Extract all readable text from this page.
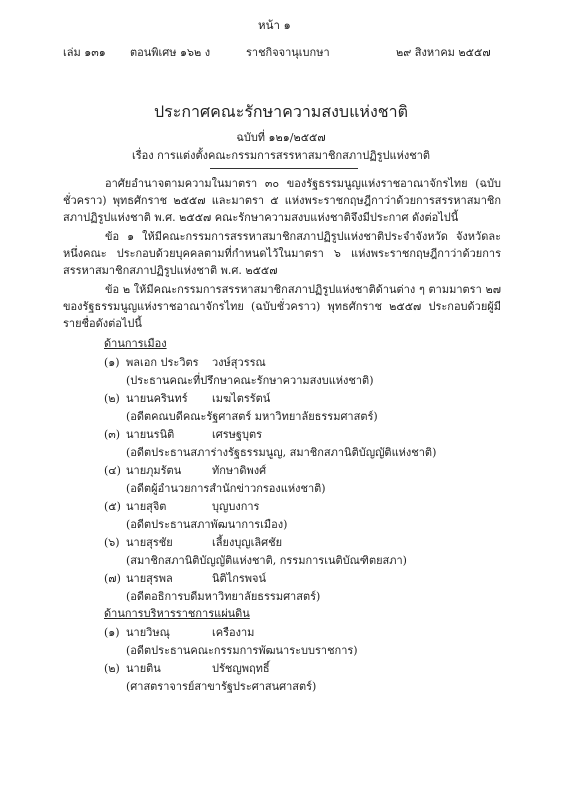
หน้า ๑
เล่ม ๑๓๑ ตอนพิเศษ ๑๖๒ ง	ราชกิจจานุเบกษา	๒๙ สิงหาคม ๒๕๕๗
ประกาศคณะรักษาความสงบแห่งชาติ
ฉบับที่ ๑๒๑/๒๕๕๗
เรื่อง การแต่งตั้งคณะกรรมการสรรหาสมาชิกสภาปฏิรูปแห่งชาติ

อาศัยอำนาจตามความในมาตรา ๓๐ ของรัฐธรรมนูญแห่งราชอาณาจักรไทย (ฉบับชั่วคราว) พุทธศักราช ๒๕๕๗ และมาตรา ๕ แห่งพระราชกฤษฎีกาว่าด้วยการสรรหาสมาชิกสภาปฏิรูปแห่งชาติ พ.ศ. ๒๕๕๗ คณะรักษาความสงบแห่งชาติจึงมีประกาศ ดังต่อไปนี้

ข้อ ๑ ให้มีคณะกรรมการสรรหาสมาชิกสภาปฏิรูปแห่งชาติประจำจังหวัด จังหวัดละหนึ่งคณะ ประกอบด้วยบุคคลตามที่กำหนดไว้ในมาตรา ๖ แห่งพระราชกฤษฎีกาว่าด้วยการสรรหาสมาชิกสภาปฏิรูปแห่งชาติ พ.ศ. ๒๕๕๗

ข้อ ๒ ให้มีคณะกรรมการสรรหาสมาชิกสภาปฏิรูปแห่งชาติด้านต่าง ๆ ตามมาตรา ๒๗ ของรัฐธรรมนูญแห่งราชอาณาจักรไทย (ฉบับชั่วคราว) พุทธศักราช ๒๕๕๗ ประกอบด้วยผู้มีรายชื่อดังต่อไปนี้

ด้านการเมือง
(๑) พลเอก ประวิตร วงษ์สุวรรณ
(ประธานคณะที่ปรึกษาคณะรักษาความสงบแห่งชาติ)
(๒) นายนครินทร์ เมฆไตรรัตน์
(อดีตคณบดีคณะรัฐศาสตร์ มหาวิทยาลัยธรรมศาสตร์)
(๓) นายนรนิติ	เศรษฐบุตร
(อดีตประธานสภาร่างรัฐธรรมนูญ, สมาชิกสภานิติบัญญัติแห่งชาติ)
(๔) นายภุมรัตน	ทักษาดิพงศ์
(อดีตผู้อำนวยการสำนักข่าวกรองแห่งชาติ)
(๕) นายสุจิต	บุญบงการ
(อดีตประธานสภาพัฒนาการเมือง)
(๖) นายสุรชัย	เลี้ยงบุญเลิศชัย
(สมาชิกสภานิติบัญญัติแห่งชาติ, กรรมการเนติบัณฑิตยสภา)
(๗) นายสุรพล	นิติไกรพจน์
(อดีตอธิการบดีมหาวิทยาลัยธรรมศาสตร์)
ด้านการบริหารราชการแผ่นดิน
(๑) นายวิษณุ	เครืองาม
(อดีตประธานคณะกรรมการพัฒนาระบบราชการ)
(๒) นายติน	ปรัชญพฤทธิ์
(ศาสตราจารย์สาขารัฐประศาสนศาสตร์)
